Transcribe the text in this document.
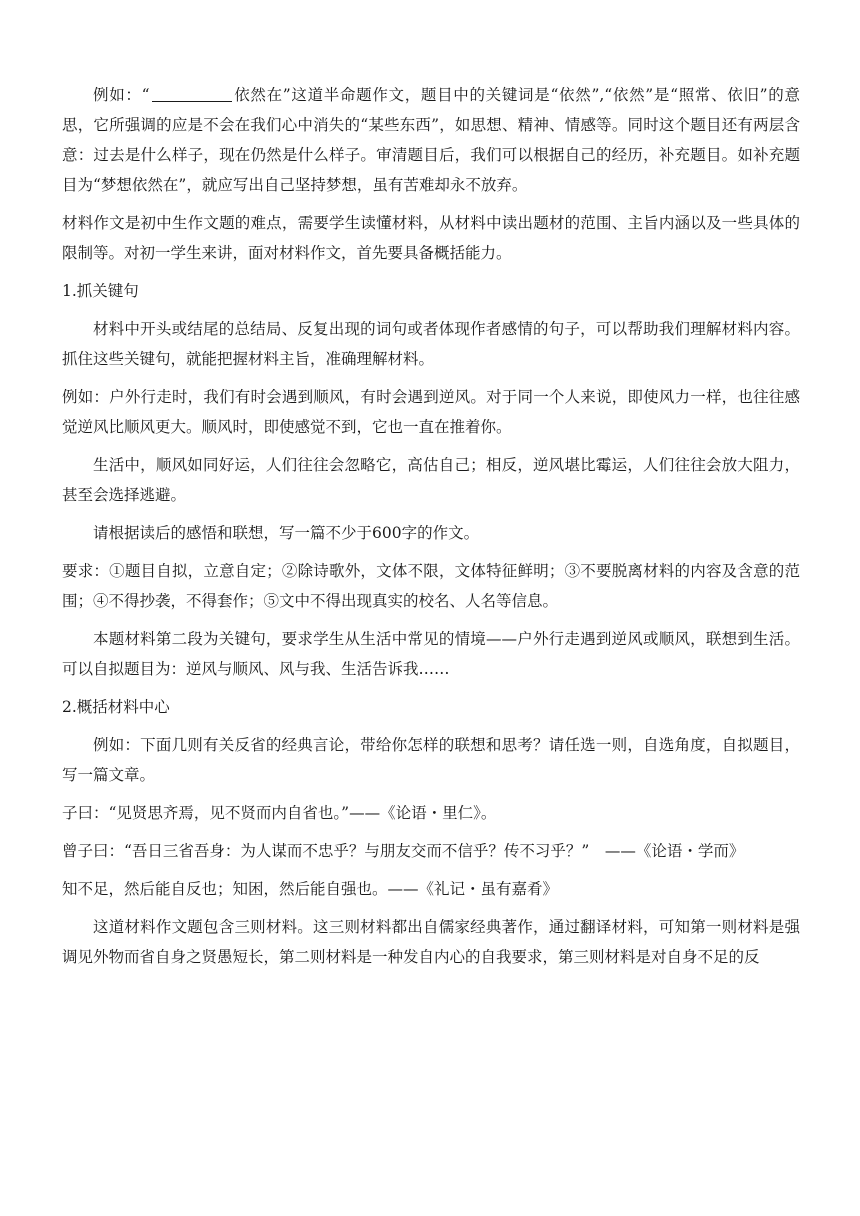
例如：“	依然在”这道半命题作文，题目中的关键词是“依然”,“依然”是“照常、依旧”的意思，它所强调的应是不会在我们心中消失的“某些东西”，如思想、精神、情感等。同时这个题目还有两层含意：过去是什么样子，现在仍然是什么样子。审清题目后，我们可以根据自己的经历，补充题目。如补充题目为“梦想依然在”，就应写出自己坚持梦想，虽有苦难却永不放弃。

材料作文是初中生作文题的难点，需要学生读懂材料，从材料中读出题材的范围、主旨内涵以及一些具体的限制等。对初一学生来讲，面对材料作文，首先要具备概括能力。

1.抓关键句

材料中开头或结尾的总结局、反复出现的词句或者体现作者感情的句子，可以帮助我们理解材料内容。抓住这些关键句，就能把握材料主旨，准确理解材料。

例如：户外行走时，我们有时会遇到顺风，有时会遇到逆风。对于同一个人来说，即使风力一样，也往往感觉逆风比顺风更大。顺风时，即使感觉不到，它也一直在推着你。

生活中，顺风如同好运，人们往往会忽略它，高估自己；相反，逆风堪比霉运，人们往往会放大阻力，甚至会选择逃避。

请根据读后的感悟和联想，写一篇不少于600字的作文。

要求：①题目自拟，立意自定；②除诗歌外，文体不限，文体特征鲜明；③不要脱离材料的内容及含意的范围；④不得抄袭，不得套作；⑤文中不得出现真实的校名、人名等信息。

本题材料第二段为关键句，要求学生从生活中常见的情境——户外行走遇到逆风或顺风，联想到生活。可以自拟题目为：逆风与顺风、风与我、生活告诉我……

2.概括材料中心

例如：下面几则有关反省的经典言论，带给你怎样的联想和思考？请任选一则，自选角度，自拟题目，写一篇文章。

子曰：“见贤思齐焉，见不贤而内自省也。”——《论语・里仁》。

曾子曰：“吾日三省吾身：为人谋而不忠乎？与朋友交而不信乎？传不习乎？”　——《论语・学而》

知不足，然后能自反也；知困，然后能自强也。——《礼记・虽有嘉肴》

这道材料作文题包含三则材料。这三则材料都出自儒家经典著作，通过翻译材料，可知第一则材料是强调见外物而省自身之贤愚短长，第二则材料是一种发自内心的自我要求，第三则材料是对自身不足的反
